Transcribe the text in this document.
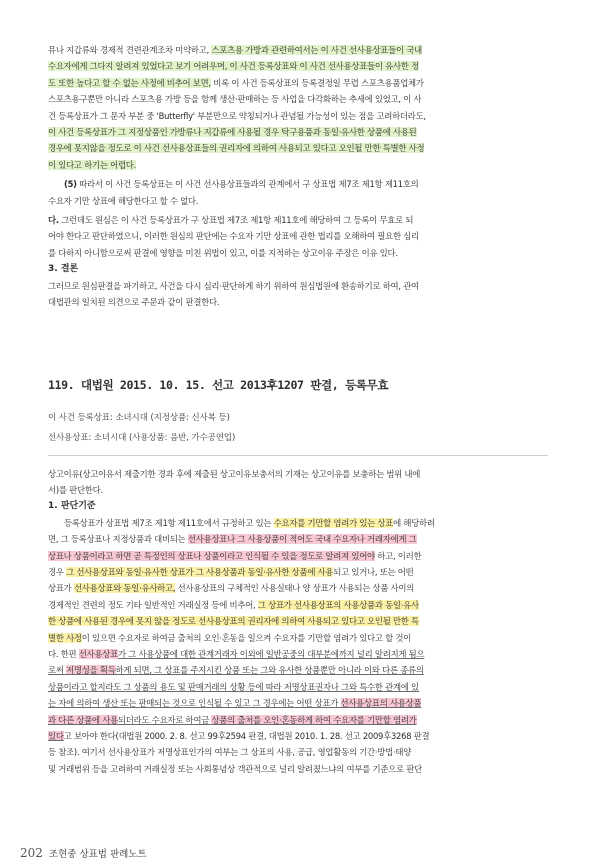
뮤나 지갑류와 경제적 견련관계조차 미약하고, 스포츠용 가방과 관련하여서는 이 사건 선사용상표들이 국내
수요자에게 그다지 알려져 있었다고 보기 어려우며, 이 사건 등록상표와 이 사건 선사용상표들이 유사한 정
도 또한 높다고 할 수 없는 사정에 비추어 보면, 비록 이 사건 등록상표의 등록결정일 무렵 스포츠용품업체가
스포츠용구뿐만 아니라 스포츠용 가방 등을 함께 생산·판매하는 등 사업을 다각화하는 추세에 있었고, 이 사
건 등록상표가 그 문자 부분 중 'Butterfly' 부분만으로 약칭되거나 관념될 가능성이 있는 점을 고려하더라도,
이 사건 등록상표가 그 지정상품인 가방류나 지갑류에 사용될 경우 탁구용품과 동일·유사한 상품에 사용된
경우에 못지않을 정도로 이 사건 선사용상표들의 권리자에 의하여 사용되고 있다고 오인될 만한 특별한 사정
이 있다고 하기는 어렵다.
(5) 따라서 이 사건 등록상표는 이 사건 선사용상표들과의 관계에서 구 상표법 제7조 제1항 제11호의
수요자 기만 상표에 해당한다고 할 수 없다.
다. 그런데도 원심은 이 사건 등록상표가 구 상표법 제7조 제1항 제11호에 해당하여 그 등록이 무효로 되
어야 한다고 판단하였으니, 이러한 원심의 판단에는 수요자 기만 상표에 관한 법리를 오해하여 필요한 심리
를 다하지 아니함으로써 판결에 영향을 미친 위법이 있고, 이를 지적하는 상고이유 주장은 이유 있다.
3. 결론
그러므로 원심판결을 파기하고, 사건을 다시 심리·판단하게 하기 위하여 원심법원에 환송하기로 하여, 관여
대법관의 일치된 의견으로 주문과 같이 판결한다.
119. 대법원 2015. 10. 15. 선고 2013후1207 판결, 등록무효
이 사건 등록상표: 소녀시대 (지정상품: 신사복 등)
선사용상표: 소녀시대 (사용상품: 음반, 가수공연업)
상고이유(상고이유서 제출기한 경과 후에 제출된 상고이유보충서의 기재는 상고이유를 보충하는 범위 내에
서)를 판단한다.
1. 판단기준
등록상표가 상표법 제7조 제1항 제11호에서 규정하고 있는 수요자를 기만할 염려가 있는 상표에 해당하려
면, 그 등록상표나 지정상품과 대비되는 선사용상표나 그 사용상품이 적어도 국내 수요자나 거래자에게 그
상표나 상품이라고 하면 곧 특정인의 상표나 상품이라고 인식될 수 있을 정도로 알려져 있어야 하고, 이러한
경우 그 선사용상표와 동일·유사한 상표가 그 사용상품과 동일·유사한 상품에 사용되고 있거나, 또는 어떤
상표가 선사용상표와 동일·유사하고, 선사용상표의 구체적인 사용실태나 양 상표가 사용되는 상품 사이의
경제적인 견련의 정도 기타 일반적인 거래실정 등에 비추어, 그 상표가 선사용상표의 사용상품과 동일·유사
한 상품에 사용된 경우에 못지 않을 정도로 선사용상표의 권리자에 의하여 사용되고 있다고 오인될 만한 특
별한 사정이 있으면 수요자로 하여금 출처의 오인·혼동을 일으켜 수요자를 기만할 염려가 있다고 할 것이
다. 한편 선사용상표가 그 사용상품에 대한 관계거래자 이외에 일반공중의 대부분에까지 널리 알려지게 됨으
로써 저명성을 획득하게 되면, 그 상표를 주지시킨 상품 또는 그와 유사한 상품뿐만 아니라 이와 다른 종류의
상품이라고 할지라도 그 상품의 용도 및 판매거래의 상황 등에 따라 저명상표권자나 그와 특수한 관계에 있
는 자에 의하여 생산 또는 판매되는 것으로 인식될 수 있고 그 경우에는 어떤 상표가 선사용상표의 사용상품
과 다른 상품에 사용되더라도 수요자로 하여금 상품의 출처를 오인·혼동하게 하여 수요자를 기만할 염려가
있다고 보아야 한다(대법원 2000. 2. 8. 선고 99후2594 판결, 대법원 2010. 1. 28. 선고 2009후3268 판결
등 참조). 여기서 선사용상표가 저명상표인가의 여부는 그 상표의 사용, 공급, 영업활동의 기간·방법·태양
및 거래범위 등을 고려하여 거래실정 또는 사회통념상 객관적으로 널리 알려졌느냐의 여부를 기준으로 판단
202 조현중 상표법 판례노트
